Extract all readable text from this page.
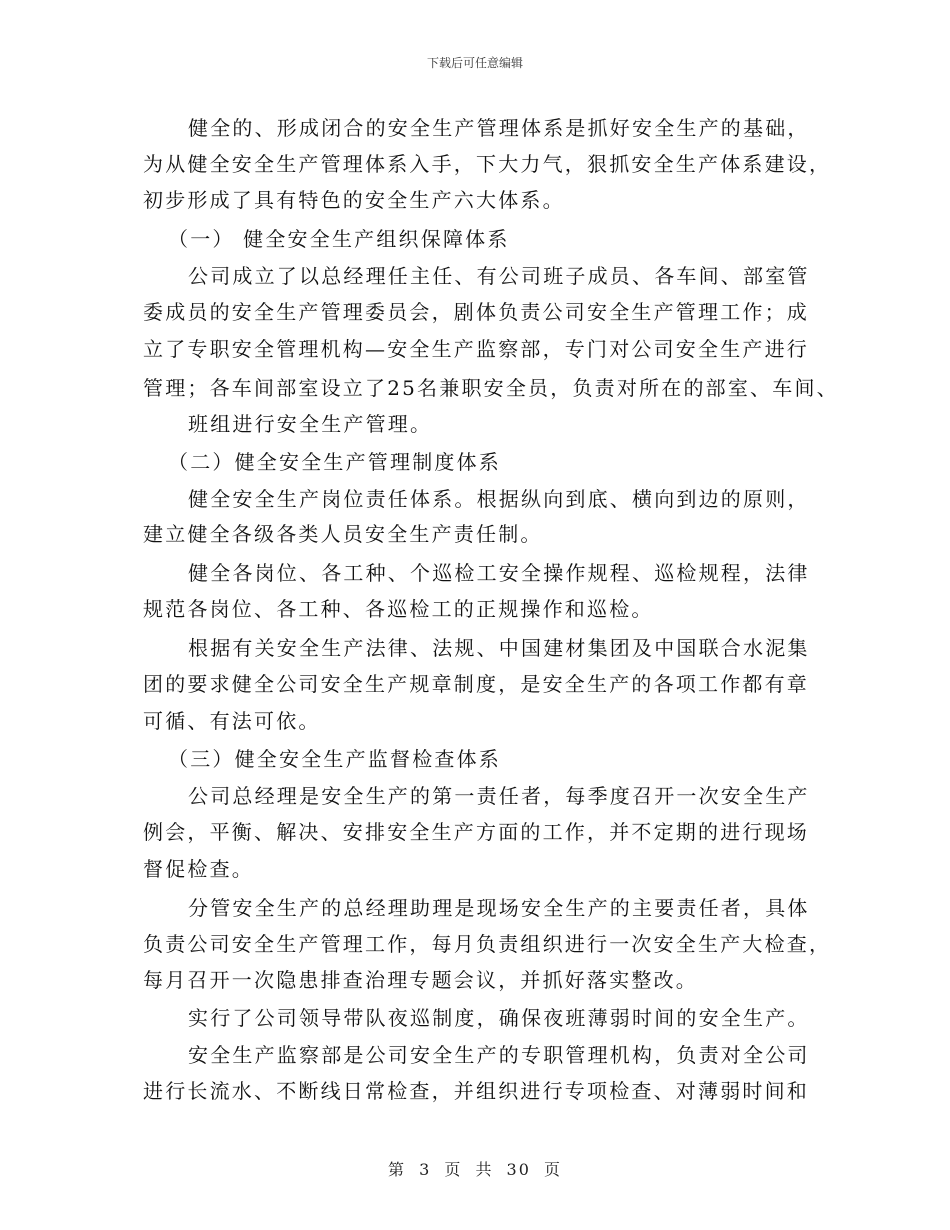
下载后可任意编辑
健全的、形成闭合的安全生产管理体系是抓好安全生产的基础，
为从健全安全生产管理体系入手，下大力气，狠抓安全生产体系建设，
初步形成了具有特色的安全生产六大体系。
（一） 健全安全生产组织保障体系
公司成立了以总经理任主任、有公司班子成员、各车间、部室管
委成员的安全生产管理委员会，剧体负责公司安全生产管理工作；成
立了专职安全管理机构—安全生产监察部，专门对公司安全生产进行
管理；各车间部室设立了25名兼职安全员，负责对所在的部室、车间、
班组进行安全生产管理。
（二）健全安全生产管理制度体系
健全安全生产岗位责任体系。根据纵向到底、横向到边的原则，
建立健全各级各类人员安全生产责任制。
健全各岗位、各工种、个巡检工安全操作规程、巡检规程，法律
规范各岗位、各工种、各巡检工的正规操作和巡检。
根据有关安全生产法律、法规、中国建材集团及中国联合水泥集
团的要求健全公司安全生产规章制度，是安全生产的各项工作都有章
可循、有法可依。
（三）健全安全生产监督检查体系
公司总经理是安全生产的第一责任者，每季度召开一次安全生产
例会，平衡、解决、安排安全生产方面的工作，并不定期的进行现场
督促检查。
分管安全生产的总经理助理是现场安全生产的主要责任者，具体
负责公司安全生产管理工作，每月负责组织进行一次安全生产大检查，
每月召开一次隐患排查治理专题会议，并抓好落实整改。
实行了公司领导带队夜巡制度，确保夜班薄弱时间的安全生产。
安全生产监察部是公司安全生产的专职管理机构，负责对全公司
进行长流水、不断线日常检查，并组织进行专项检查、对薄弱时间和
第 3 页 共 30 页
